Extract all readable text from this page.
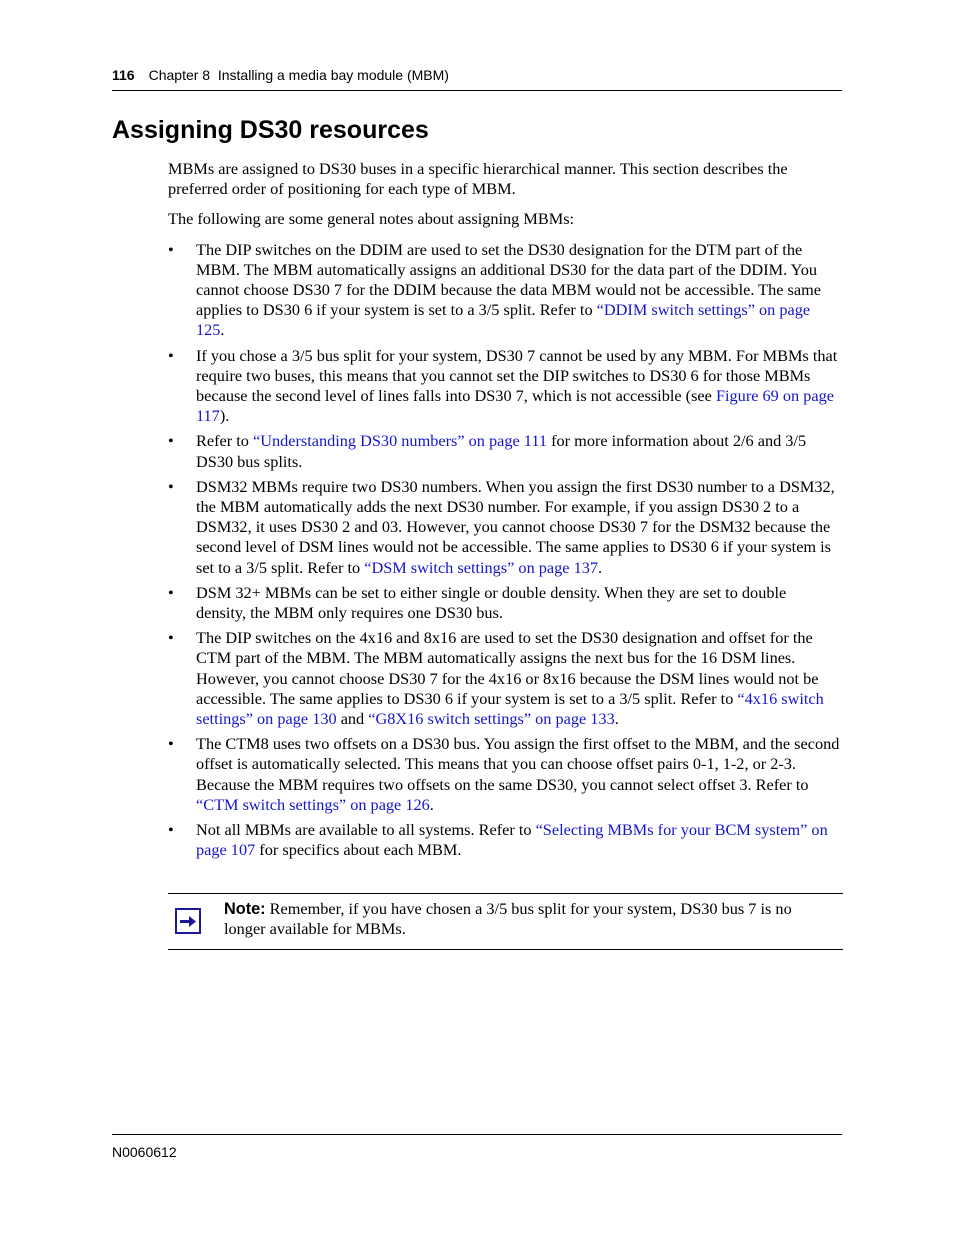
116 Chapter 8  Installing a media bay module (MBM)
Assigning DS30 resources

MBMs are assigned to DS30 buses in a specific hierarchical manner. This section describes the preferred order of positioning for each type of MBM.

The following are some general notes about assigning MBMs:

• The DIP switches on the DDIM are used to set the DS30 designation for the DTM part of the MBM. The MBM automatically assigns an additional DS30 for the data part of the DDIM. You cannot choose DS30 7 for the DDIM because the data MBM would not be accessible. The same applies to DS30 6 if your system is set to a 3/5 split. Refer to “DDIM switch settings” on page 125.
• If you chose a 3/5 bus split for your system, DS30 7 cannot be used by any MBM. For MBMs that require two buses, this means that you cannot set the DIP switches to DS30 6 for those MBMs because the second level of lines falls into DS30 7, which is not accessible (see Figure 69 on page 117).
• Refer to “Understanding DS30 numbers” on page 111 for more information about 2/6 and 3/5 DS30 bus splits.
• DSM32 MBMs require two DS30 numbers. When you assign the first DS30 number to a DSM32, the MBM automatically adds the next DS30 number. For example, if you assign DS30 2 to a DSM32, it uses DS30 2 and 03. However, you cannot choose DS30 7 for the DSM32 because the second level of DSM lines would not be accessible. The same applies to DS30 6 if your system is set to a 3/5 split. Refer to “DSM switch settings” on page 137.
• DSM 32+ MBMs can be set to either single or double density. When they are set to double density, the MBM only requires one DS30 bus.
• The DIP switches on the 4x16 and 8x16 are used to set the DS30 designation and offset for the CTM part of the MBM. The MBM automatically assigns the next bus for the 16 DSM lines. However, you cannot choose DS30 7 for the 4x16 or 8x16 because the DSM lines would not be accessible. The same applies to DS30 6 if your system is set to a 3/5 split. Refer to “4x16 switch settings” on page 130 and “G8X16 switch settings” on page 133.
• The CTM8 uses two offsets on a DS30 bus. You assign the first offset to the MBM, and the second offset is automatically selected. This means that you can choose offset pairs 0-1, 1-2, or 2-3. Because the MBM requires two offsets on the same DS30, you cannot select offset 3. Refer to “CTM switch settings” on page 126.
• Not all MBMs are available to all systems. Refer to “Selecting MBMs for your BCM system” on page 107 for specifics about each MBM.
Note: Remember, if you have chosen a 3/5 bus split for your system, DS30 bus 7 is no longer available for MBMs.
N0060612
